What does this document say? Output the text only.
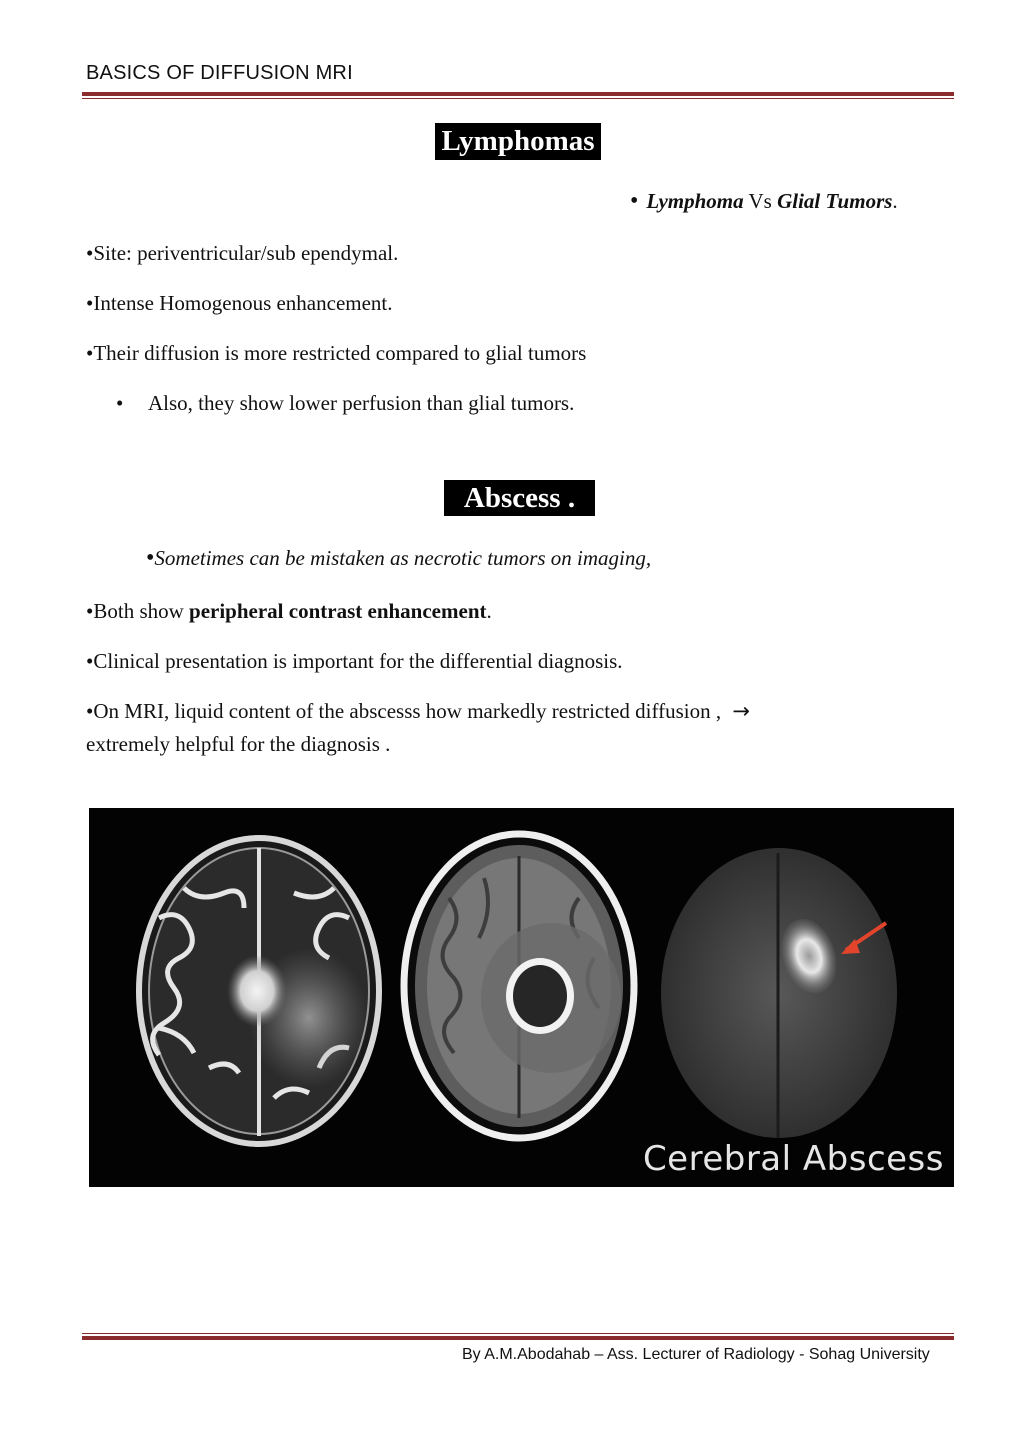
BASICS OF DIFFUSION MRI
Lymphomas
• Lymphoma Vs Glial Tumors.
•Site: periventricular/sub ependymal.
•Intense Homogenous enhancement.
•Their diffusion is more restricted compared to glial tumors
• Also, they show lower perfusion than glial tumors.
Abscess .
•Sometimes can be mistaken as necrotic tumors on imaging,
•Both show peripheral contrast enhancement.
•Clinical presentation is important for the differential diagnosis.
•On MRI, liquid content of the abscesss how markedly restricted diffusion , →
extremely helpful for the diagnosis .
Cerebral Abscess
By A.M.Abodahab – Ass. Lecturer of Radiology - Sohag University
